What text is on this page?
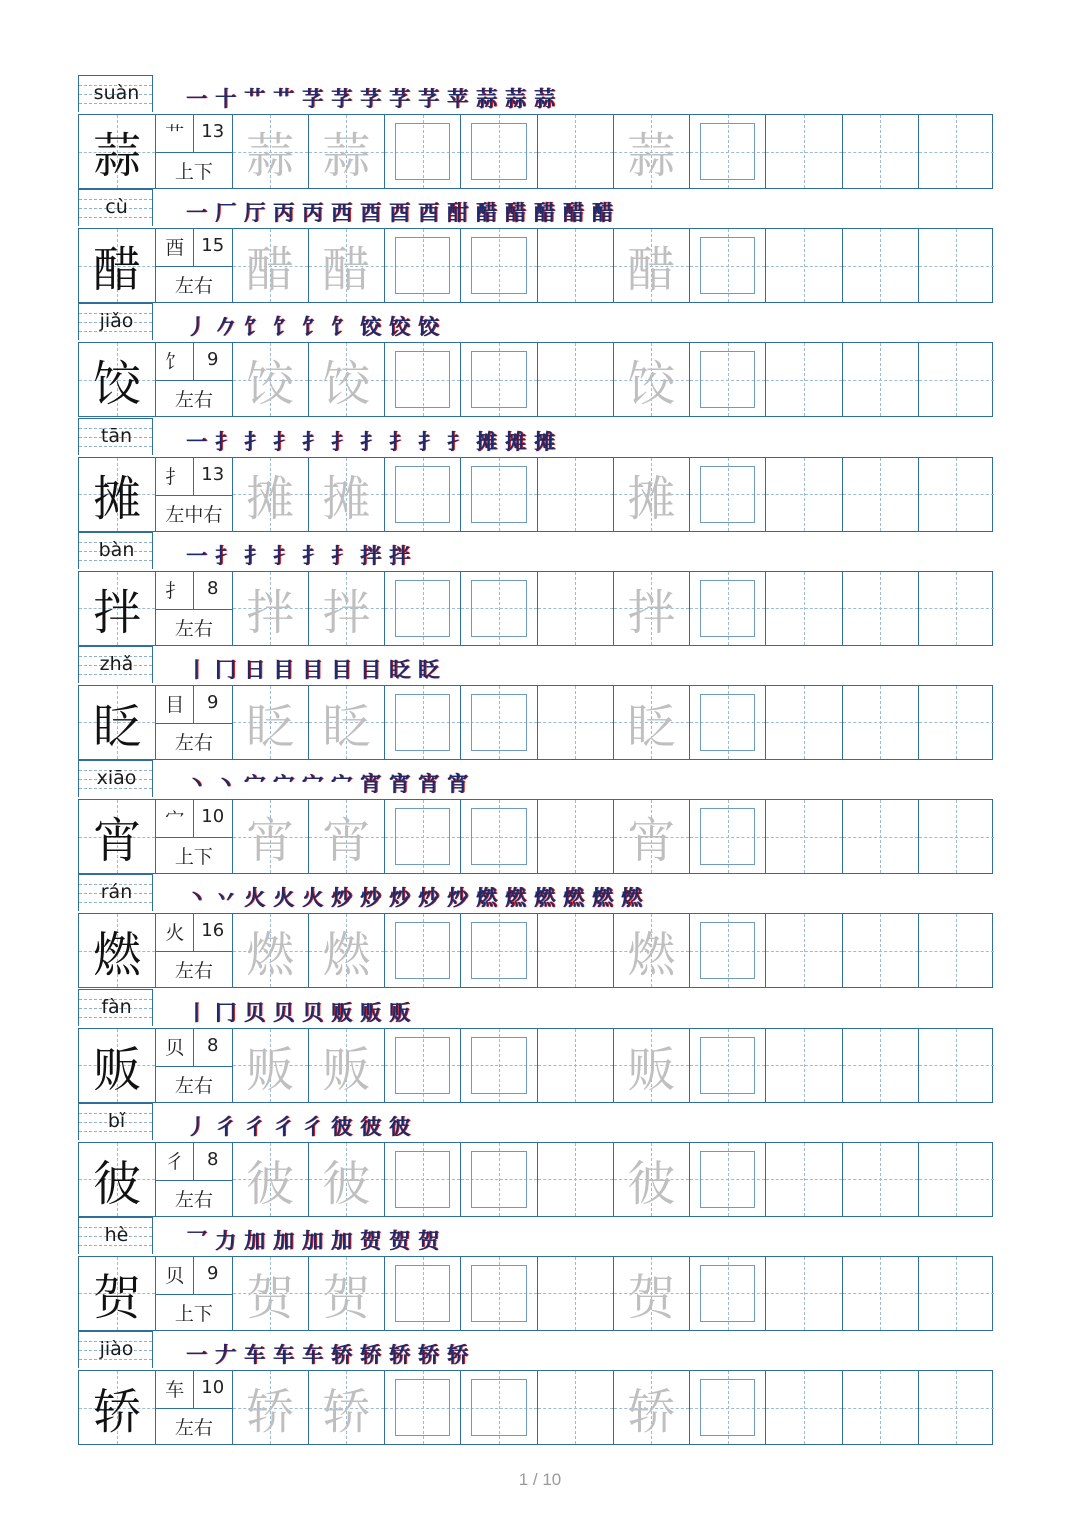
suàn	一 十 艹 艹 芓 芓 芓 芓 芓 苹 蒜 蒜 蒜
蒜	艹 13
上下 蒜 蒜	蒜
cù	一 厂 厅 丙 丙 西 酉 酉 酉 酣 醋 醋 醋 醋 醋
醋	酉 15
左右 醋 醋	醋
jiǎo	丿 𠂊 饣 饣 饣 饣 饺 饺 饺
饺	饣	9
左右 饺 饺	饺
tān	一 扌 扌 扌 扌 扌 扌 扌 扌 扌 摊 摊 摊
摊	扌 13
左中右 摊 摊	摊
bàn	一 扌 扌 扌 扌 扌 拌 拌
拌	扌	8
左右 拌 拌	拌
zhǎ	丨 冂 日 目 目 目 目 眨 眨
眨	目	9
左右 眨 眨	眨
xiāo	丶 丶 宀 宀 宀 宀 宵 宵 宵 宵
宵	宀 10
上下 宵 宵	宵
rán	丶 丷 火 火 火 炒 炒 炒 炒 炒 燃 燃 燃 燃 燃 燃
燃	火 16
左右 燃 燃	燃
fàn	丨 冂 贝 贝 贝 贩 贩 贩
贩	贝	8
左右 贩 贩	贩
bǐ	丿 彳 彳 彳 彳 彼 彼 彼
彼	彳	8
左右 彼 彼	彼
hè	乛 力 加 加 加 加 贺 贺 贺
贺	贝	9
上下 贺 贺	贺
jiào	一 𠂇 车 车 车 轿 轿 轿 轿 轿
轿	车 10
左右 轿 轿	轿
1 / 10
